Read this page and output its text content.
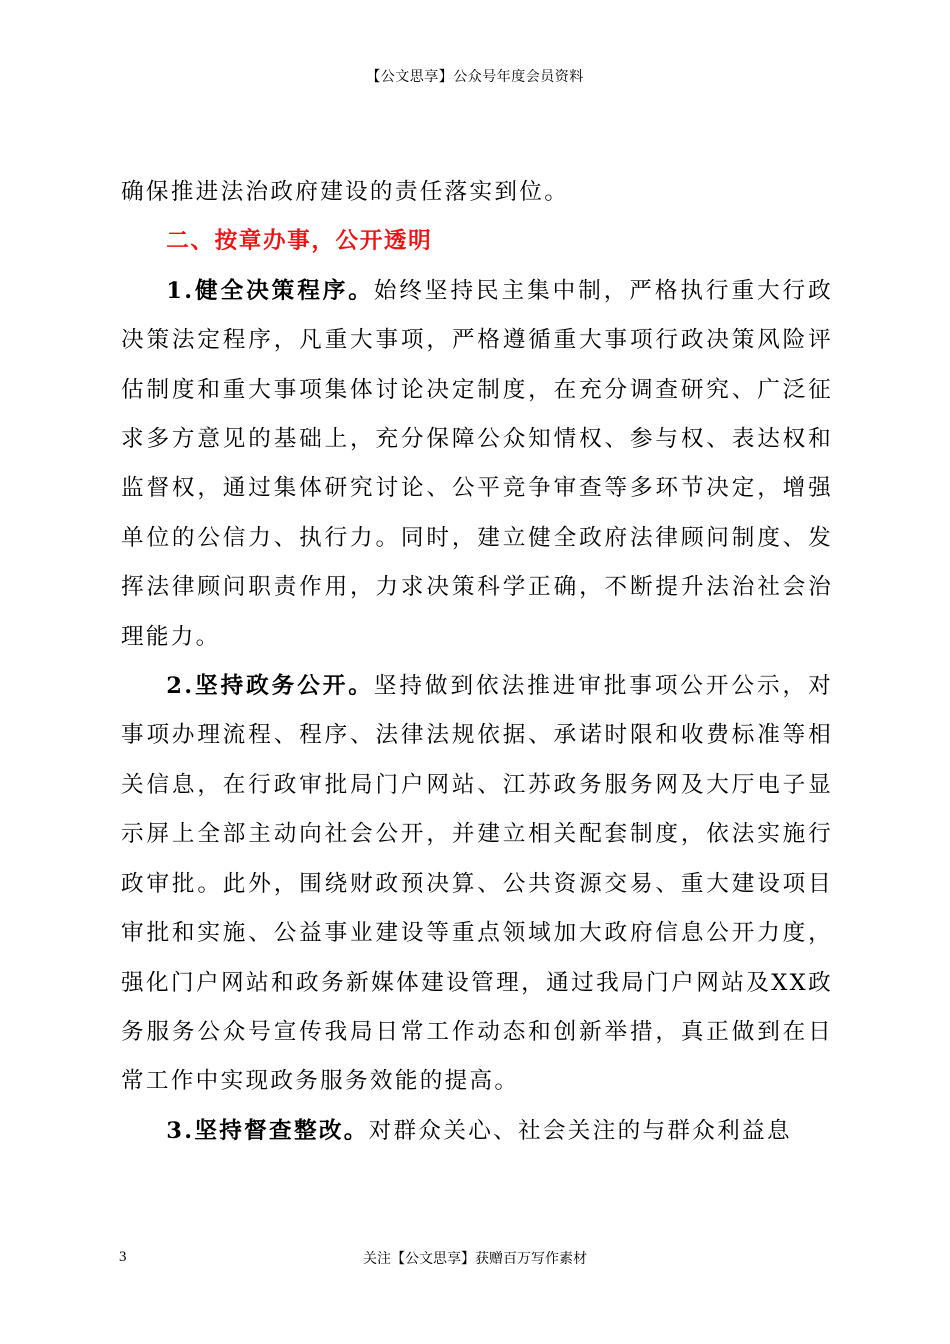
【公文思享】公众号年度会员资料

确保推进法治政府建设的责任落实到位。

二、按章办事，公开透明

1.健全决策程序。始终坚持民主集中制，严格执行重大行政决策法定程序，凡重大事项，严格遵循重大事项行政决策风险评估制度和重大事项集体讨论决定制度，在充分调查研究、广泛征求多方意见的基础上，充分保障公众知情权、参与权、表达权和监督权，通过集体研究讨论、公平竞争审查等多环节决定，增强单位的公信力、执行力。同时，建立健全政府法律顾问制度、发挥法律顾问职责作用，力求决策科学正确，不断提升法治社会治理能力。

2.坚持政务公开。坚持做到依法推进审批事项公开公示，对事项办理流程、程序、法律法规依据、承诺时限和收费标准等相关信息，在行政审批局门户网站、江苏政务服务网及大厅电子显示屏上全部主动向社会公开，并建立相关配套制度，依法实施行政审批。此外，围绕财政预决算、公共资源交易、重大建设项目审批和实施、公益事业建设等重点领域加大政府信息公开力度，强化门户网站和政务新媒体建设管理，通过我局门户网站及XX政务服务公众号宣传我局日常工作动态和创新举措，真正做到在日常工作中实现政务服务效能的提高。

3.坚持督查整改。对群众关心、社会关注的与群众利益息

3	关注【公文思享】获赠百万写作素材
